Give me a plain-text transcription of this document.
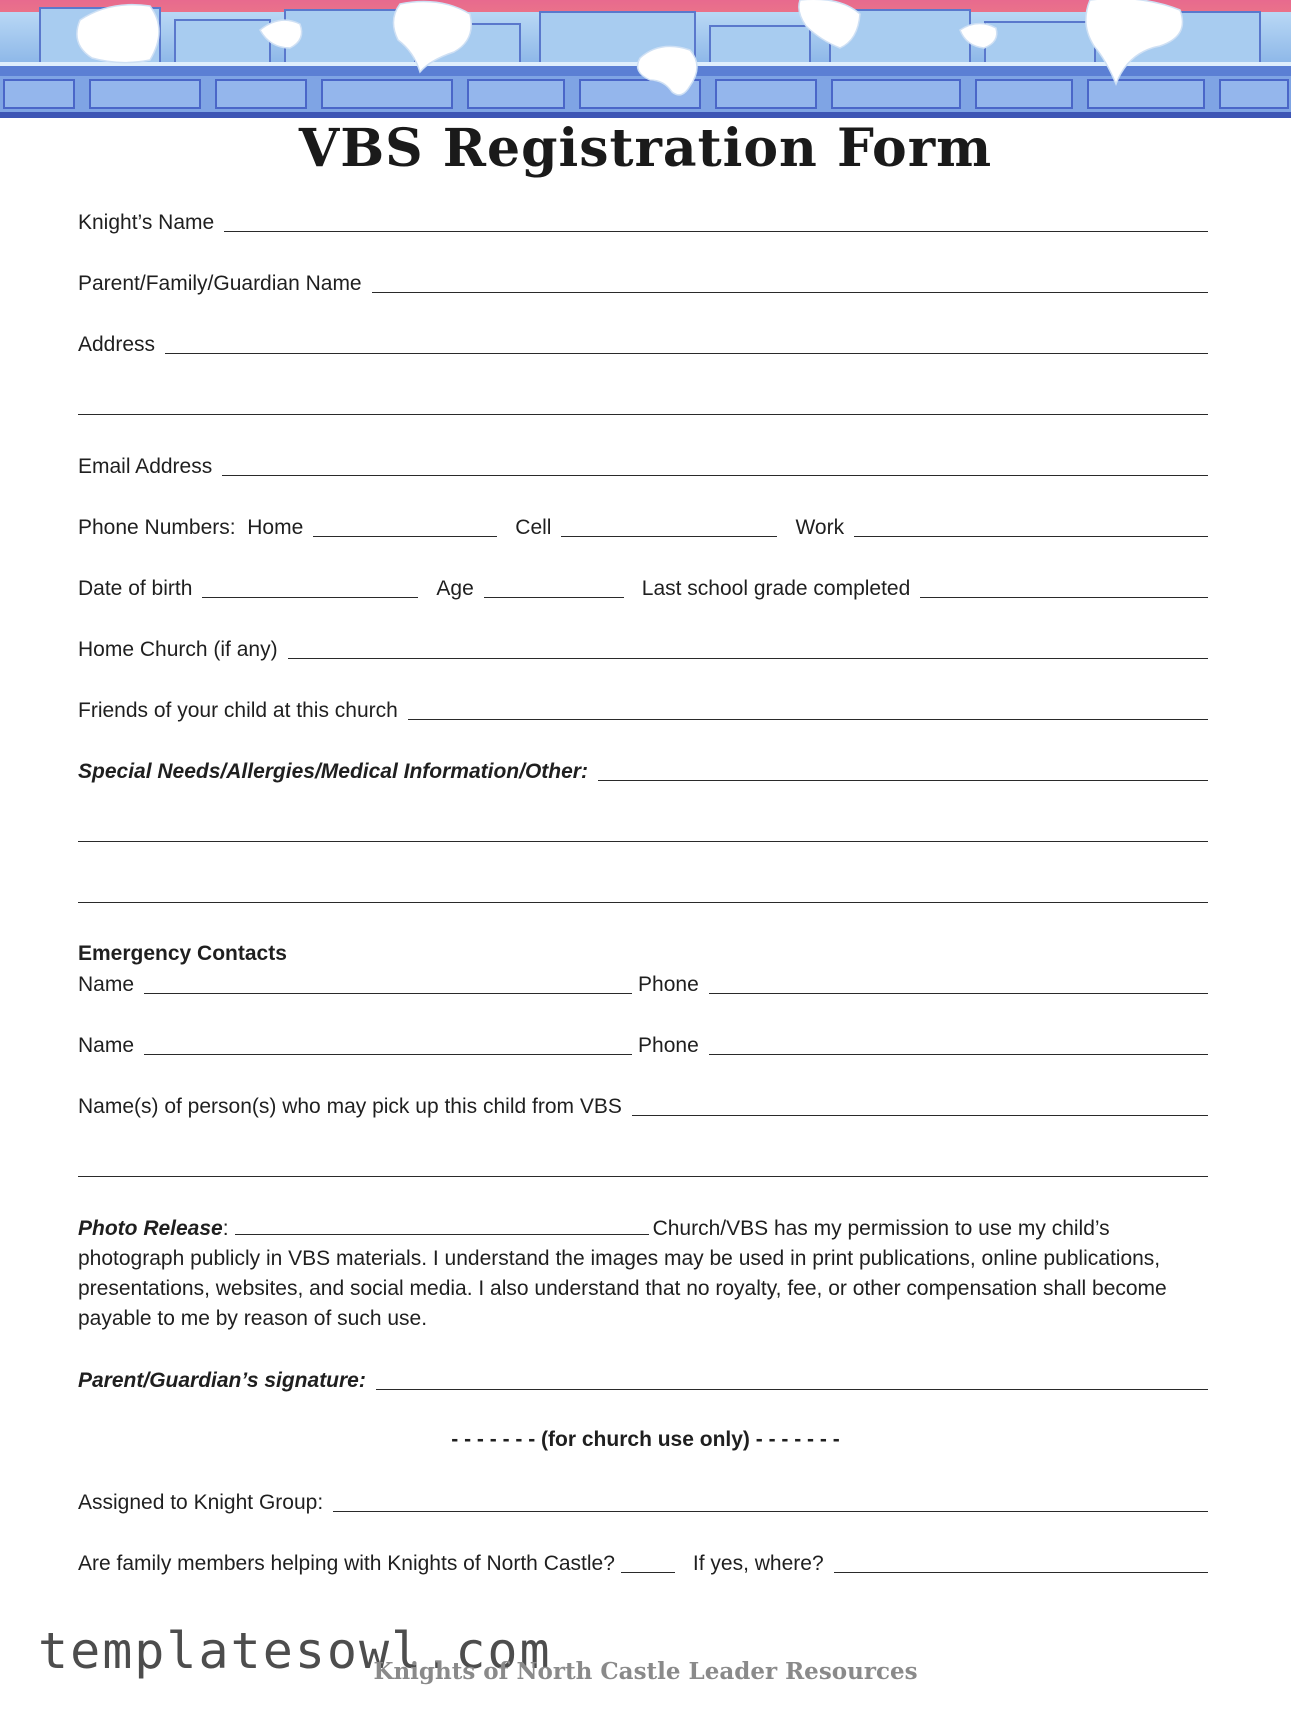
VBS Registration Form
Knight’s Name
Parent/Family/Guardian Name
Address
Email Address
Phone Numbers:  Home	Cell	Work
Date of birth	Age	Last school grade completed
Home Church (if any)
Friends of your child at this church
Special Needs/Allergies/Medical Information/Other:
Emergency Contacts
Name	Phone
Name	Phone
Name(s) of person(s) who may pick up this child from VBS
Photo Release:	Church/VBS has my permission to use my child’s photograph publicly in VBS materials. I understand the images may be used in print publications, online publications, presentations, websites, and social media. I also understand that no royalty, fee, or other compensation shall become payable to me by reason of such use.
Parent/Guardian’s signature:
- - - - - - - (for church use only) - - - - - - -
Assigned to Knight Group:
Are family members helping with Knights of North Castle?	If yes, where?
templatesowl.com
Knights of North Castle Leader Resources
